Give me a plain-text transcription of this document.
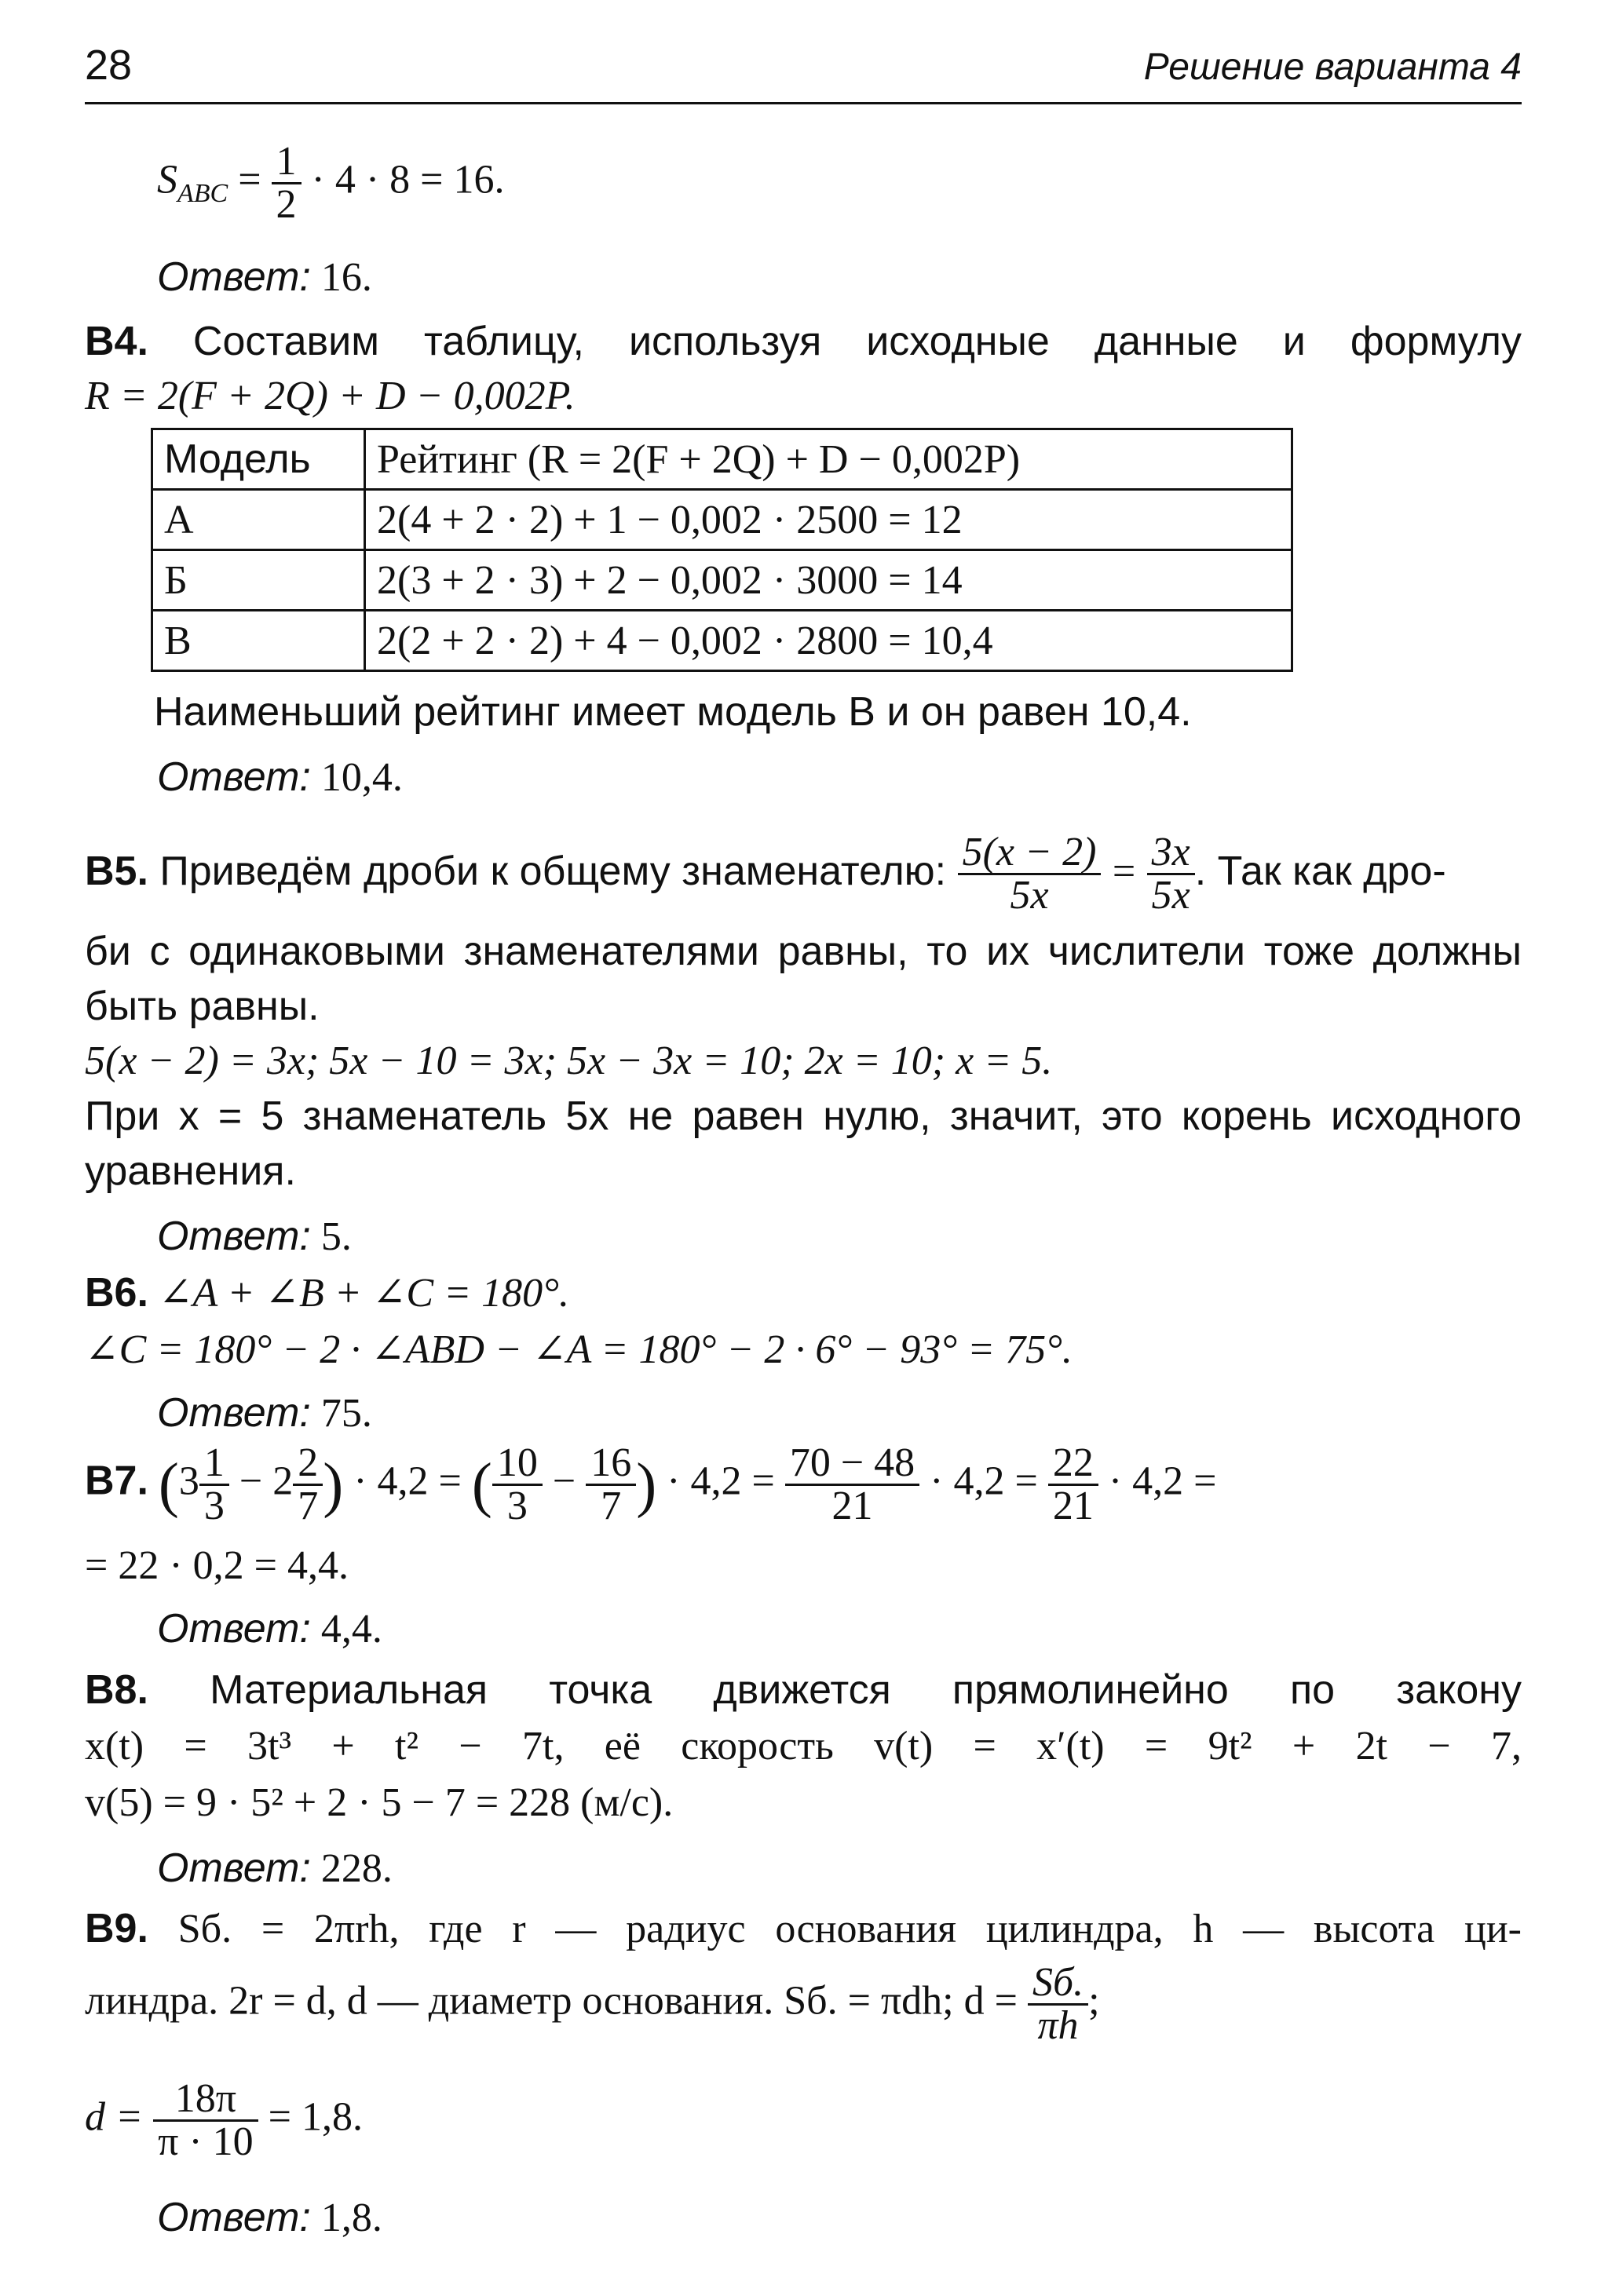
28	Решение варианта 4
$S_{ABC} = \frac{1}{2} \cdot 4 \cdot 8 = 16$.
Ответ: 16.
B4. Составим таблицу, используя исходные данные и формулу
R = 2(F + 2Q) + D − 0,002P.
Модель	Рейтинг (R = 2(F + 2Q) + D − 0,002P)
А	2(4 + 2 · 2) + 1 − 0,002 · 2500 = 12
Б	2(3 + 2 · 3) + 2 − 0,002 · 3000 = 14
В	2(2 + 2 · 2) + 4 − 0,002 · 2800 = 10,4
Наименьший рейтинг имеет модель В и он равен 10,4.
Ответ: 10,4.
B5. Приведём дроби к общему знаменателю: $\frac{5(x - 2)}{5x} = \frac{3x}{5x}$ . Так как дро-
би с одинаковыми знаменателями равны, то их числители тоже должны
быть равны.
5(x − 2) = 3x; 5x − 10 = 3x; 5x − 3x = 10; 2x = 10; x = 5.
При x = 5 знаменатель 5x не равен нулю, значит, это корень исходного
уравнения.
Ответ: 5.
B6. ∠A + ∠B + ∠C = 180°.
∠C = 180° − 2 · ∠ABD − ∠A = 180° − 2 · 6° − 93° = 75°.
Ответ: 75.
B7. ($3 \frac{1}{3} - 2 \frac{2}{7}$ ) · 4,2 = ( $\frac{10}{3} - \frac{16}{7}$ ) · $4,2 = \frac{70 - 48}{21} \cdot 4,2 = \frac{22}{21} \cdot 4,2$ =
= 22 · 0,2 = 4,4.
Ответ: 4,4.
B8. Материальная точка движется прямолинейно по закону
x(t) = 3t³ + t² − 7t, её скорость v(t) = x′(t) = 9t² + 2t − 7,
v(5) = 9 · 5² + 2 · 5 − 7 = 228 (м/с).
Ответ: 228.
B9. Sб. = 2πrh, где r — радиус основания цилиндра, h — высота ци-
линдра. 2r = d, d — диаметр основания. Sб. = πdh; $d = \frac{Sб.}{\pi h}$ ;
$d = \frac{18\pi}{\pi \cdot 10} = 1,8$.
Ответ: 1,8.
